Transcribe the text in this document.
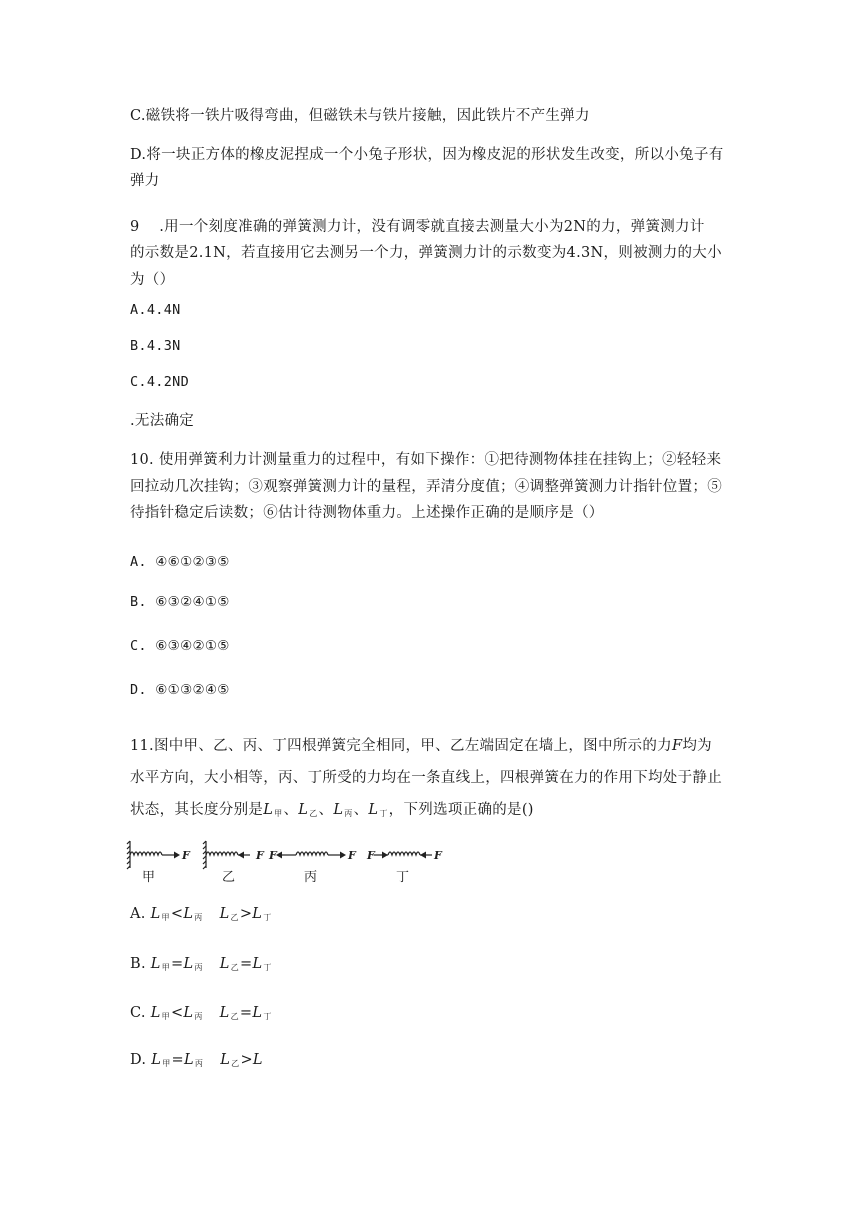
C.磁铁将一铁片吸得弯曲，但磁铁未与铁片接触，因此铁片不产生弹力
D.将一块正方体的橡皮泥捏成一个小兔子形状，因为橡皮泥的形状发生改变，所以小兔子有
弹力
9　 .用一个刻度准确的弹簧测力计，没有调零就直接去测量大小为2N的力，弹簧测力计
的示数是2.1N，若直接用它去测另一个力，弹簧测力计的示数变为4.3N，则被测力的大小
为（）
A.4.4N
B.4.3N
C.4.2ND
.无法确定
10. 使用弹簧利力计测量重力的过程中，有如下操作：①把待测物体挂在挂钩上；②轻轻来
回拉动几次挂钩；③观察弹簧测力计的量程，弄清分度值；④调整弹簧测力计指针位置；⑤
待指针稳定后读数；⑥估计待测物体重力。上述操作正确的是顺序是（）
A. ④⑥①②③⑤
B. ⑥③②④①⑤
C. ⑥③④②①⑤
D. ⑥①③②④⑤
11.图中甲、乙、丙、丁四根弹簧完全相同，甲、乙左端固定在墙上，图中所示的力F均为
水平方向，大小相等，丙、丁所受的力均在一条直线上，四根弹簧在力的作用下均处于静止
状态，其长度分别是$L_甲$、$L_乙$、$L_丙$、$L_丁$，下列选项正确的是()
F	F F	F F	F
甲	乙	丙	丁
A. $L_甲<L_丙$ $L_乙>L_丁$
B. $L_甲=L_丙$ $L_乙=L_丁$
C. $L_甲<L_丙$ $L_乙=L_丁$
D. $L_甲=L_丙$ $L_乙>L$
